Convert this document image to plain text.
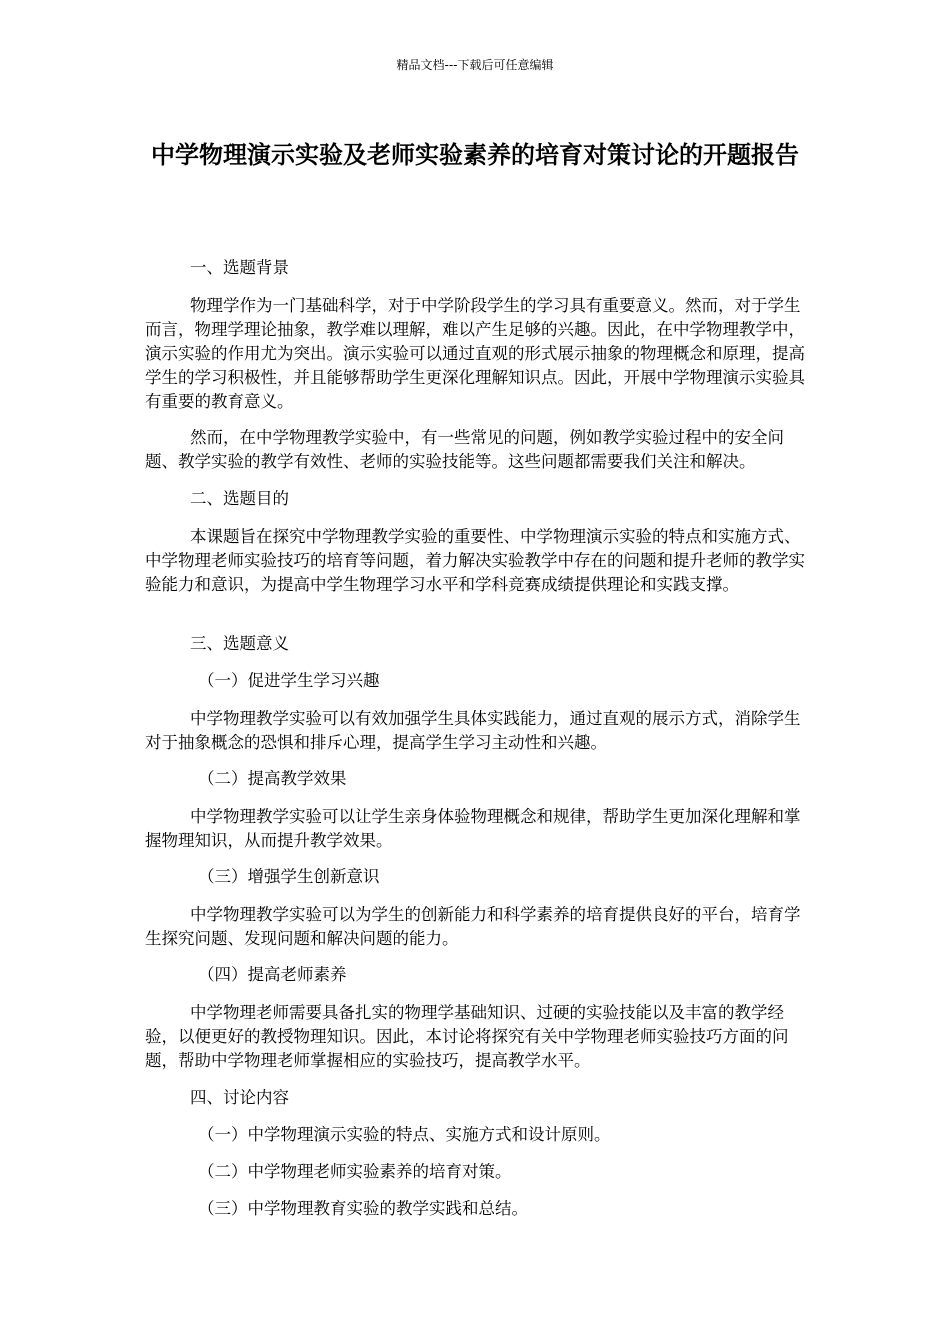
精品文档---下载后可任意编辑
中学物理演示实验及老师实验素养的培育对策讨论的开题报告

一、选题背景

物理学作为一门基础科学，对于中学阶段学生的学习具有重要意义。然而，对于学生而言，物理学理论抽象，教学难以理解，难以产生足够的兴趣。因此，在中学物理教学中，演示实验的作用尤为突出。演示实验可以通过直观的形式展示抽象的物理概念和原理，提高学生的学习积极性，并且能够帮助学生更深化理解知识点。因此，开展中学物理演示实验具有重要的教育意义。

然而，在中学物理教学实验中，有一些常见的问题，例如教学实验过程中的安全问题、教学实验的教学有效性、老师的实验技能等。这些问题都需要我们关注和解决。

二、选题目的

本课题旨在探究中学物理教学实验的重要性、中学物理演示实验的特点和实施方式、中学物理老师实验技巧的培育等问题，着力解决实验教学中存在的问题和提升老师的教学实验能力和意识，为提高中学生物理学习水平和学科竞赛成绩提供理论和实践支撑。

三、选题意义

（一）促进学生学习兴趣

中学物理教学实验可以有效加强学生具体实践能力，通过直观的展示方式，消除学生对于抽象概念的恐惧和排斥心理，提高学生学习主动性和兴趣。

（二）提高教学效果

中学物理教学实验可以让学生亲身体验物理概念和规律，帮助学生更加深化理解和掌握物理知识，从而提升教学效果。

（三）增强学生创新意识

中学物理教学实验可以为学生的创新能力和科学素养的培育提供良好的平台，培育学生探究问题、发现问题和解决问题的能力。

（四）提高老师素养

中学物理老师需要具备扎实的物理学基础知识、过硬的实验技能以及丰富的教学经验，以便更好的教授物理知识。因此，本讨论将探究有关中学物理老师实验技巧方面的问题，帮助中学物理老师掌握相应的实验技巧，提高教学水平。

四、讨论内容

（一）中学物理演示实验的特点、实施方式和设计原则。

（二）中学物理老师实验素养的培育对策。

（三）中学物理教育实验的教学实践和总结。
